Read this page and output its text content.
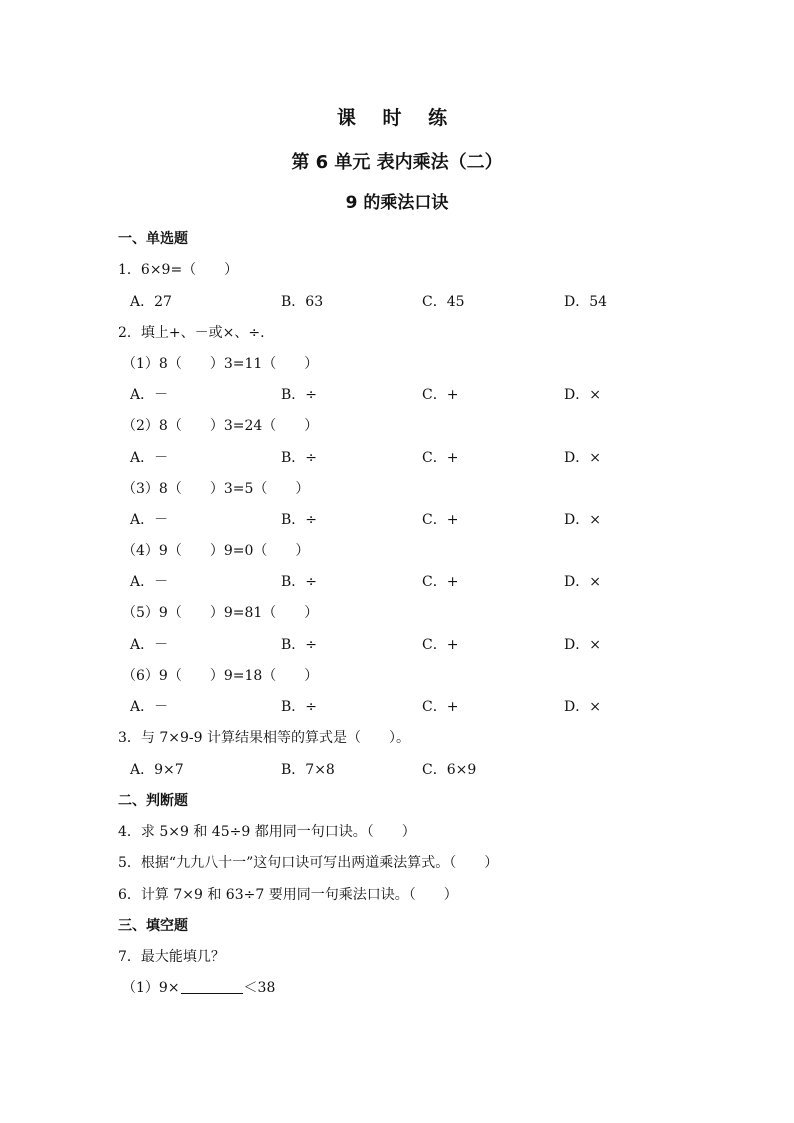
课 时 练
第 6 单元 表内乘法（二）
9 的乘法口诀
一、单选题
1．6×9=（　　）
A．27	B．63	C．45	D．54
2．填上+、－或×、÷.
（1）8（　　）3=11（　　）
A．－	B．÷	C．+	D．×
（2）8（　　）3=24（　　）
A．－	B．÷	C．+	D．×
（3）8（　　）3=5（　　）
A．－	B．÷	C．+	D．×
（4）9（　　）9=0（　　）
A．－	B．÷	C．+	D．×
（5）9（　　）9=81（　　）
A．－	B．÷	C．+	D．×
（6）9（　　）9=18（　　）
A．－	B．÷	C．+	D．×
3．与 7×9-9 计算结果相等的算式是（　　）。
A．9×7	B．7×8	C．6×9
二、判断题
4．求 5×9 和 45÷9 都用同一句口诀。（　　）
5．根据“九九八十一”这句口诀可写出两道乘法算式。（　　）
6．计算 7×9 和 63÷7 要用同一句乘法口诀。（　　）
三、填空题
7．最大能填几？
（1）9×	＜38
